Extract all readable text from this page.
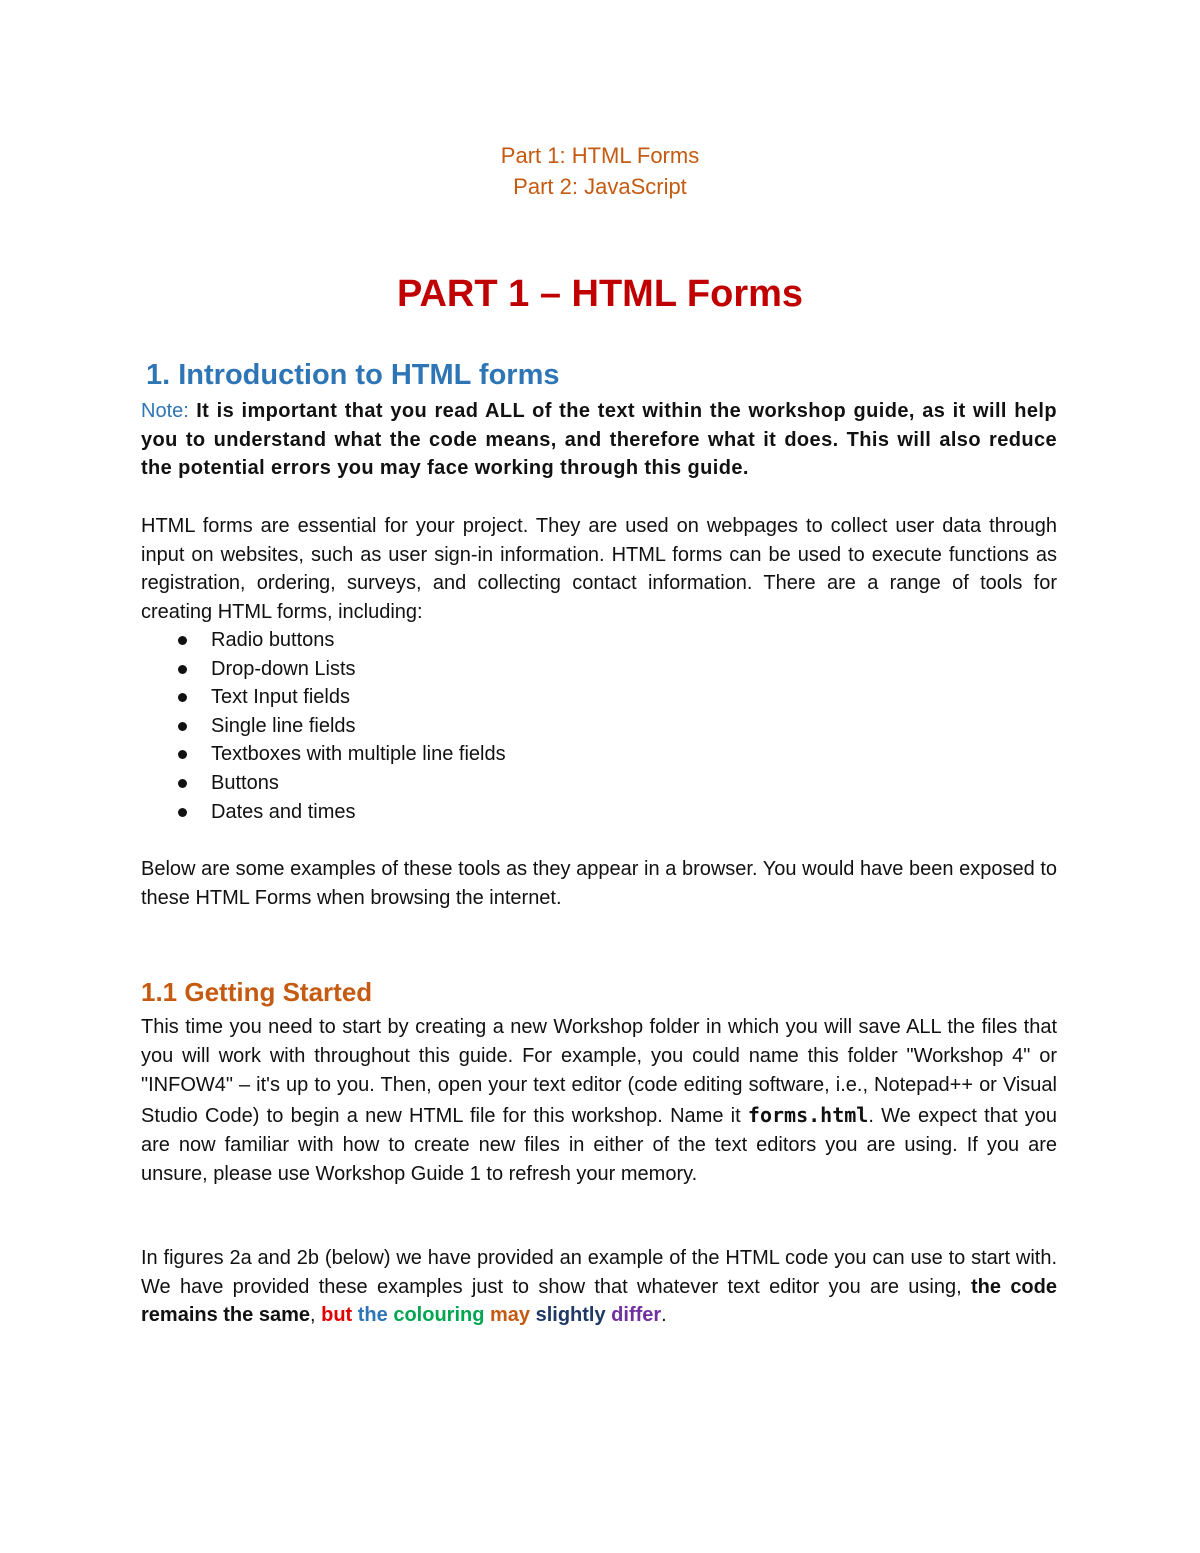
Part 1: HTML Forms
Part 2: JavaScript
PART 1 – HTML Forms
1. Introduction to HTML forms

Note: It is important that you read ALL of the text within the workshop guide, as it will help you to understand what the code means, and therefore what it does. This will also reduce the potential errors you may face working through this guide.

HTML forms are essential for your project. They are used on webpages to collect user data through input on websites, such as user sign-in information. HTML forms can be used to execute functions as registration, ordering, surveys, and collecting contact information. There are a range of tools for creating HTML forms, including:

Radio buttons
Drop-down Lists
Text Input fields
Single line fields
Textboxes with multiple line fields
Buttons
Dates and times

Below are some examples of these tools as they appear in a browser. You would have been exposed to these HTML Forms when browsing the internet.

1.1 Getting Started

This time you need to start by creating a new Workshop folder in which you will save ALL the files that you will work with throughout this guide. For example, you could name this folder "Workshop 4" or "INFOW4" – it's up to you. Then, open your text editor (code editing software, i.e., Notepad++ or Visual Studio Code) to begin a new HTML file for this workshop. Name it forms.html. We expect that you are now familiar with how to create new files in either of the text editors you are using. If you are unsure, please use Workshop Guide 1 to refresh your memory.

In figures 2a and 2b (below) we have provided an example of the HTML code you can use to start with. We have provided these examples just to show that whatever text editor you are using, the code remains the same, but the colouring may slightly differ.
